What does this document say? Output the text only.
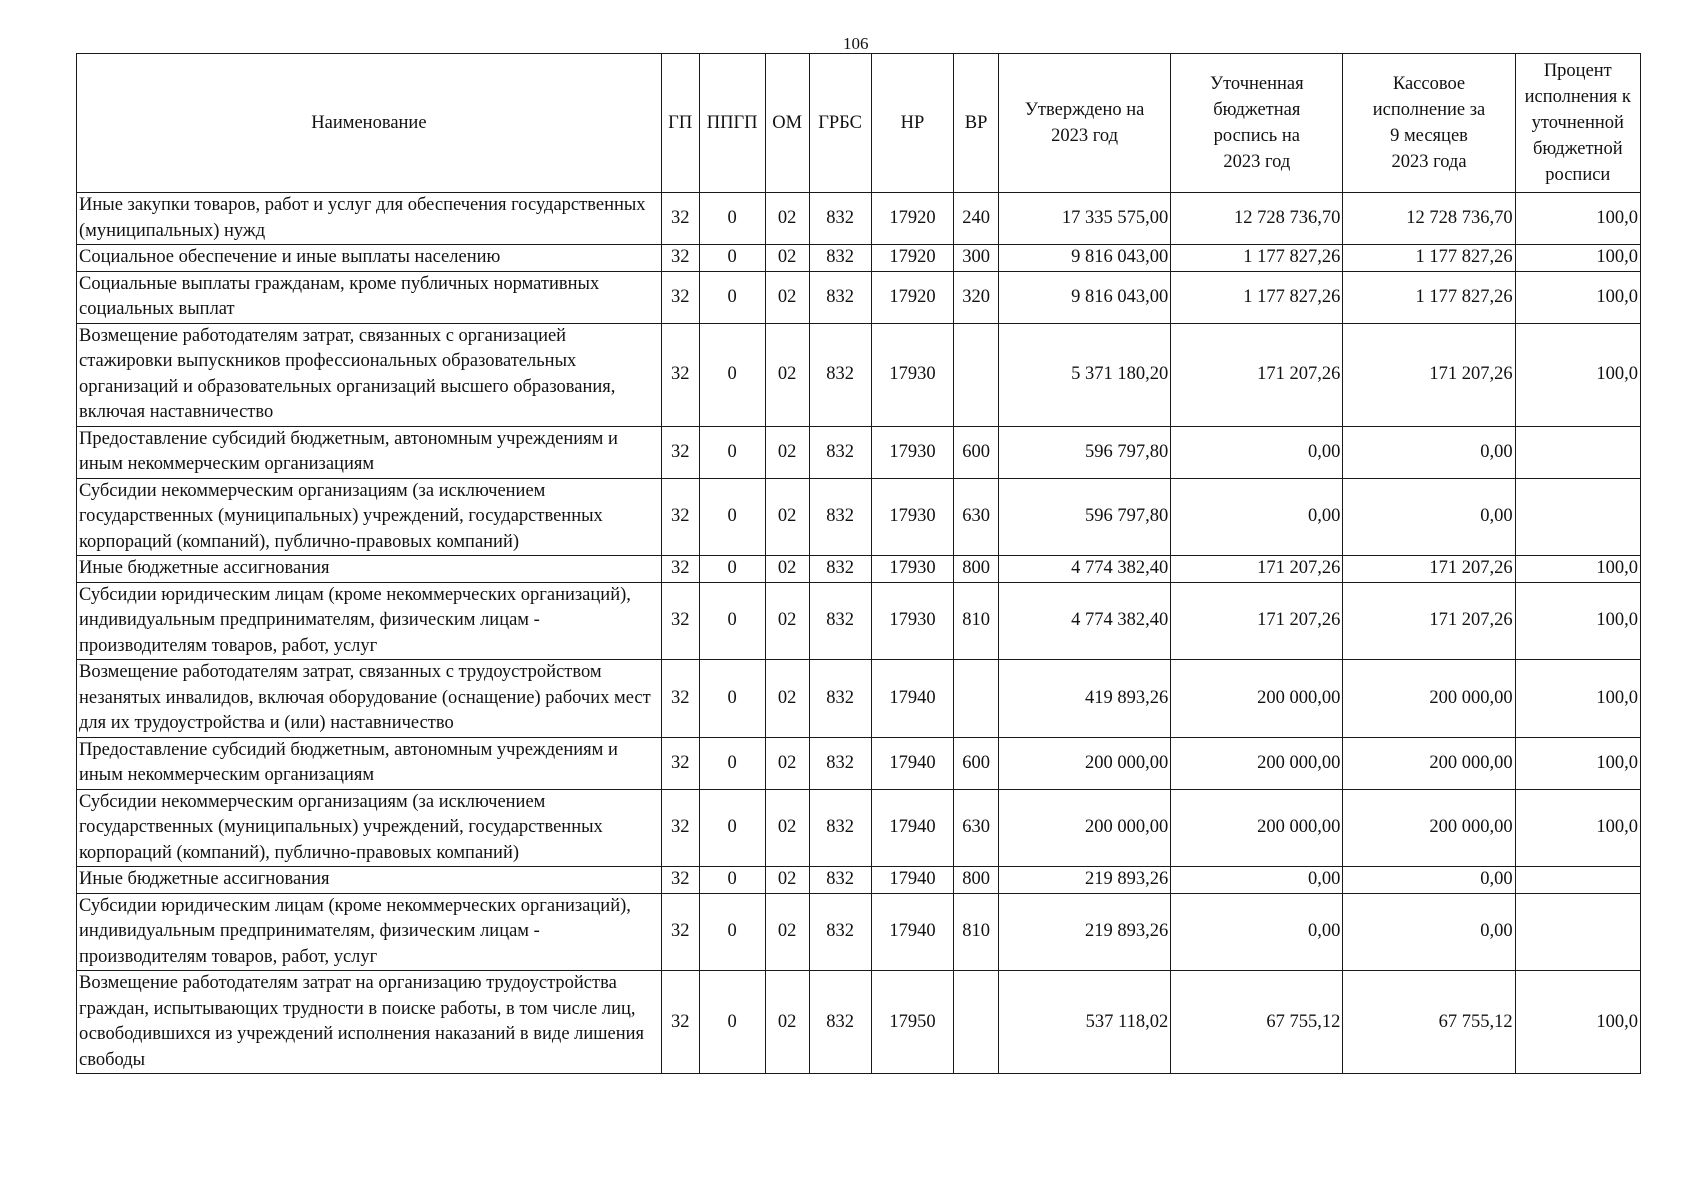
106
Наименование	ГП	ППГП	ОМ	ГРБС	НР	ВР	Утверждено на 2023 год	Уточненная бюджетная роспись на 2023 год	Кассовое исполнение за 9 месяцев 2023 года	Процент исполнения к уточненной бюджетной росписи
Иные закупки товаров, работ и услуг для обеспечения государственных (муниципальных) нужд	32	0	02	832	17920	240	17 335 575,00	12 728 736,70	12 728 736,70	100,0
Социальное обеспечение и иные выплаты населению	32	0	02	832	17920	300	9 816 043,00	1 177 827,26	1 177 827,26	100,0
Социальные выплаты гражданам, кроме публичных нормативных социальных выплат	32	0	02	832	17920	320	9 816 043,00	1 177 827,26	1 177 827,26	100,0
Возмещение работодателям затрат, связанных с организацией стажировки выпускников профессиональных образовательных организаций и образовательных организаций высшего образования, включая наставничество	32	0	02	832	17930		5 371 180,20	171 207,26	171 207,26	100,0
Предоставление субсидий бюджетным, автономным учреждениям и иным некоммерческим организациям	32	0	02	832	17930	600	596 797,80	0,00	0,00	
Субсидии некоммерческим организациям (за исключением государственных (муниципальных) учреждений, государственных корпораций (компаний), публично-правовых компаний)	32	0	02	832	17930	630	596 797,80	0,00	0,00	
Иные бюджетные ассигнования	32	0	02	832	17930	800	4 774 382,40	171 207,26	171 207,26	100,0
Субсидии юридическим лицам (кроме некоммерческих организаций), индивидуальным предпринимателям, физическим лицам - производителям товаров, работ, услуг	32	0	02	832	17930	810	4 774 382,40	171 207,26	171 207,26	100,0
Возмещение работодателям затрат, связанных с трудоустройством незанятых инвалидов, включая оборудование (оснащение) рабочих мест для их трудоустройства и (или) наставничество	32	0	02	832	17940		419 893,26	200 000,00	200 000,00	100,0
Предоставление субсидий бюджетным, автономным учреждениям и иным некоммерческим организациям	32	0	02	832	17940	600	200 000,00	200 000,00	200 000,00	100,0
Субсидии некоммерческим организациям (за исключением государственных (муниципальных) учреждений, государственных корпораций (компаний), публично-правовых компаний)	32	0	02	832	17940	630	200 000,00	200 000,00	200 000,00	100,0
Иные бюджетные ассигнования	32	0	02	832	17940	800	219 893,26	0,00	0,00	
Субсидии юридическим лицам (кроме некоммерческих организаций), индивидуальным предпринимателям, физическим лицам - производителям товаров, работ, услуг	32	0	02	832	17940	810	219 893,26	0,00	0,00	
Возмещение работодателям затрат на организацию трудоустройства граждан, испытывающих трудности в поиске работы, в том числе лиц, освободившихся из учреждений исполнения наказаний в виде лишения свободы	32	0	02	832	17950		537 118,02	67 755,12	67 755,12	100,0
